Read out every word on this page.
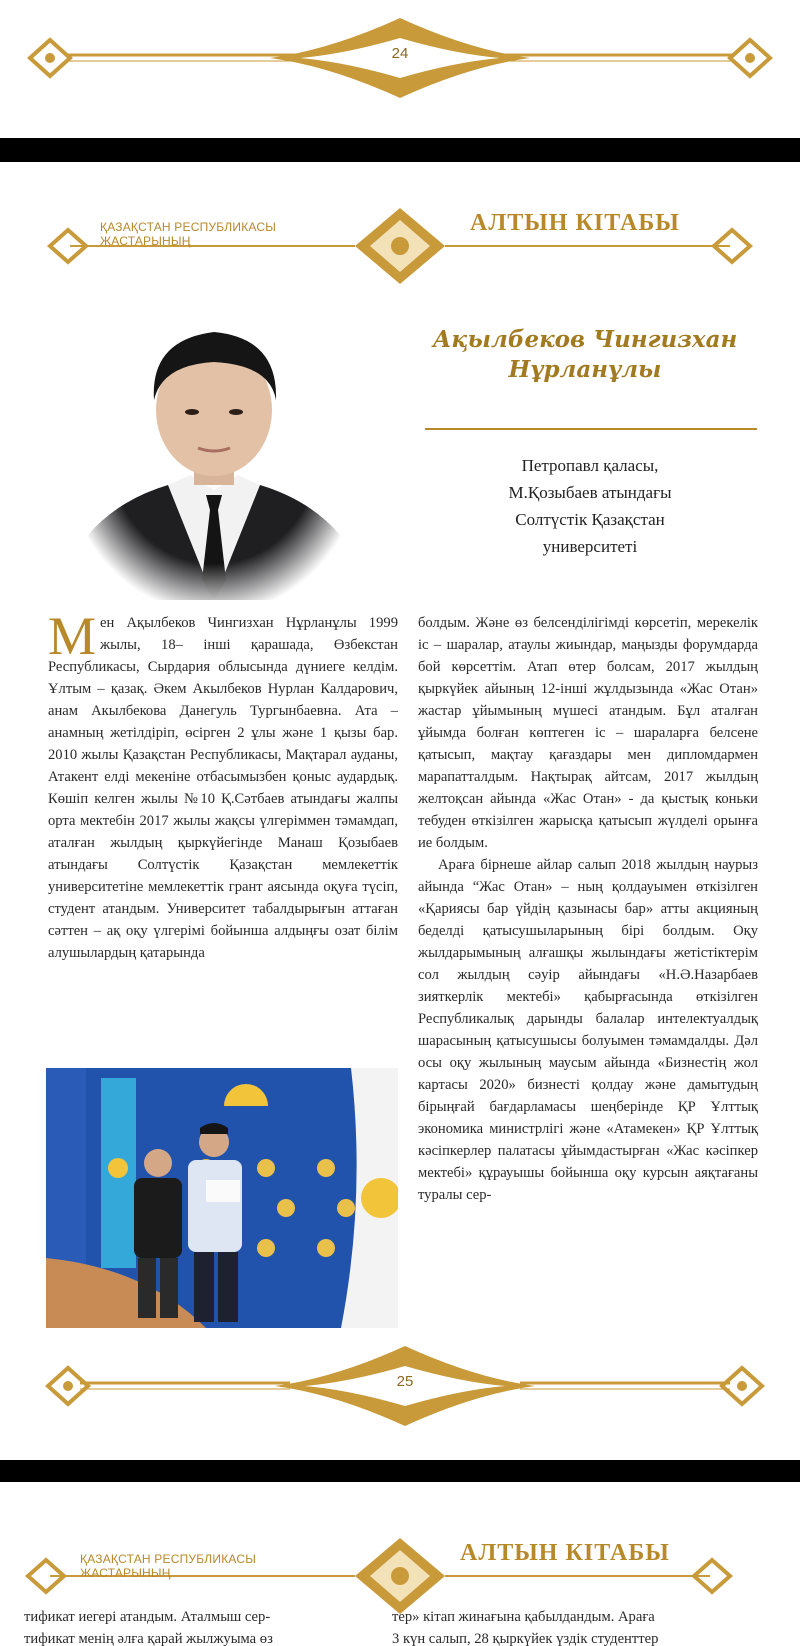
24
ҚАЗАҚСТАН РЕСПУБЛИКАСЫ ЖАСТАРЫНЫҢ
АЛТЫН КІТАБЫ
Ақылбеков Чингизхан
Нұрланұлы
Петропавл қаласы,
М.Қозыбаев атындағы
Солтүстік Қазақстан
университеті

М ен Ақылбеков Чингизхан Нұрланұлы 1999 жылы, 18– інші қарашада, Өзбекстан Республикасы, Сырдария облысында дүниеге келдім. Ұлтым – қазақ. Әкем Акылбеков Нурлан Калдарович, анам Акылбекова Данегуль Тургынбаевна. Ата – анамның жетілдіріп, өсірген 2 ұлы және 1 қызы бар. 2010 жылы Қазақстан Республикасы, Мақтарал ауданы, Атакент елді мекеніне отбасымызбен қоныс аудардық. Көшіп келген жылы №10 Қ.Сәтбаев атындағы жалпы орта мектебін 2017 жылы жақсы үлгеріммен тәмамдап, аталған жылдың қыркүйегінде Манаш Қозыбаев атындағы Солтүстік Қазақстан мемлекеттік университетіне мемлекеттік грант аясында оқуға түсіп, студент атандым. Университет табалдырығын аттаған сәттен – ақ оқу үлгерімі бойынша алдыңғы озат білім алушылардың қатарында

болдым. Және өз белсенділігімді көрсетіп, мерекелік іс – шаралар, атаулы жиындар, маңызды форумдарда бой көрсеттім. Атап өтер болсам, 2017 жылдың қыркүйек айының 12-інші жұлдызында «Жас Отан» жастар ұйымының мүшесі атандым. Бұл аталған ұйымда болған көптеген іс – шараларға белсене қатысып, мақтау қағаздары мен дипломдармен марапатталдым. Нақтырақ айтсам, 2017 жылдың желтоқсан айында «Жас Отан» - да қыстық коньки тебуден өткізілген жарысқа қатысып жүлделі орынға ие болдым.

Араға бірнеше айлар салып 2018 жылдың наурыз айында “Жас Отан» – ның қолдауымен өткізілген «Қариясы бар үйдің қазынасы бар» атты акцияның беделді қатысушыларының бірі болдым. Оқу жылдарымының алғашқы жылындағы жетістіктерім сол жылдың сәуір айындағы «Н.Ә.Назарбаев зияткерлік мектебі» қабырғасында өткізілген Республикалық дарынды балалар интелектуалдық шарасының қатысушысы болуымен тәмамдалды. Дәл осы оқу жылының маусым айында «Бизнестің жол картасы 2020» бизнесті қолдау және дамытудың бірыңғай бағдарламасы шеңберінде ҚР Ұлттық экономика министрлігі және «Атамекен» ҚР Ұлттық кәсіпкерлер палатасы ұйымдастырған «Жас кәсіпкер мектебі» құрауышы бойынша оқу курсын аяқтағаны туралы сер-

25
ҚАЗАҚСТАН РЕСПУБЛИКАСЫ ЖАСТАРЫНЫҢ
АЛТЫН КІТАБЫ
тификат иегері атандым. Аталмыш сер-
тификат менің әлға қарай жылжуыма өз
тер» кітап жинағына қабылдандым. Араға
3 күн салып, 28 қыркүйек үздік студенттер
